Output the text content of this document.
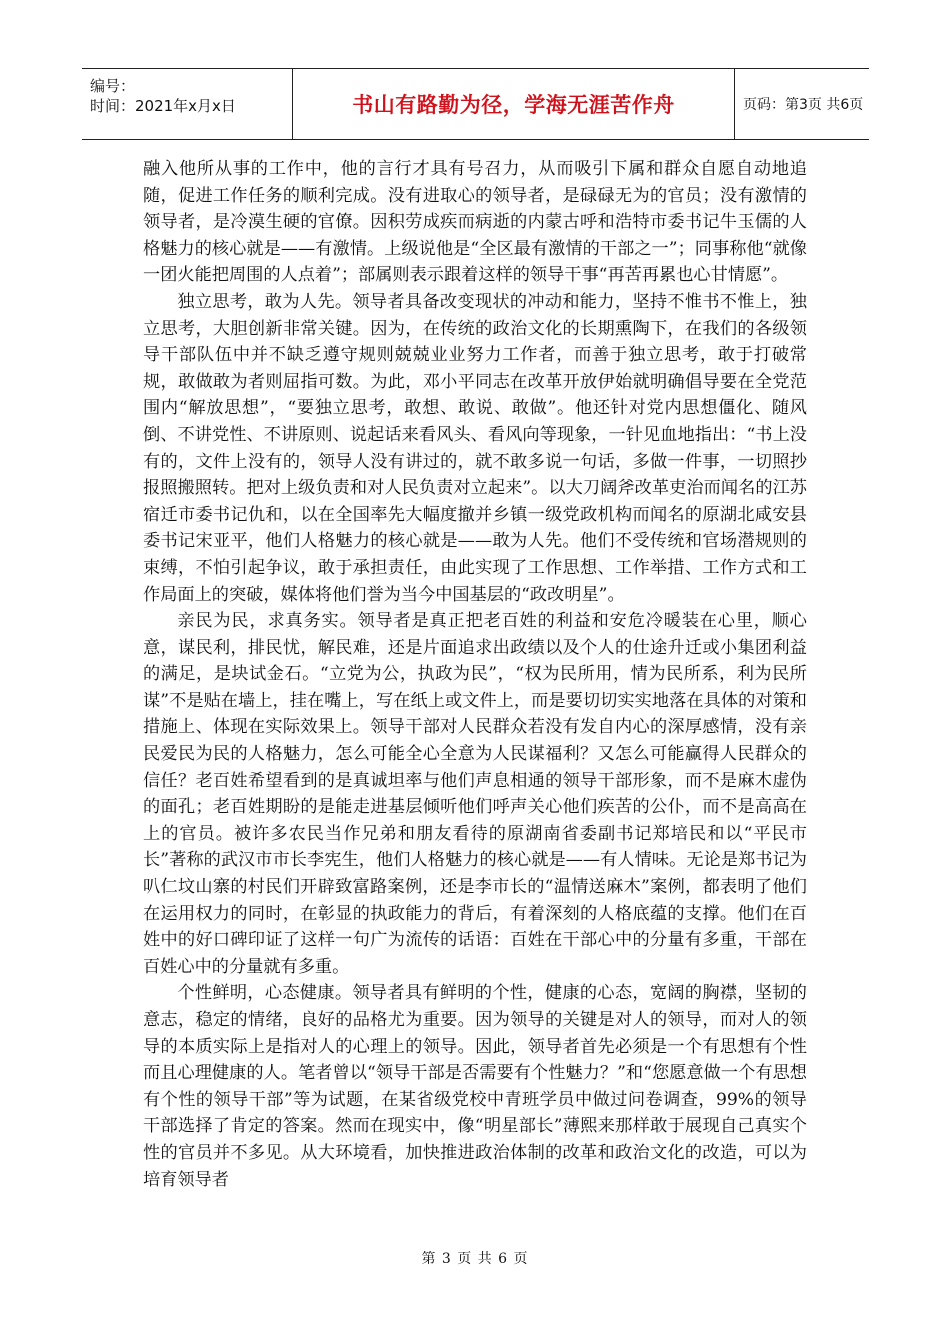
编号：
时间：2021年x月x日	书山有路勤为径，学海无涯苦作舟	页码：第3页 共6页

融入他所从事的工作中，他的言行才具有号召力，从而吸引下属和群众自愿自动地追随，促进工作任务的顺利完成。没有进取心的领导者，是碌碌无为的官员；没有激情的领导者，是冷漠生硬的官僚。因积劳成疾而病逝的内蒙古呼和浩特市委书记牛玉儒的人格魅力的核心就是——有激情。上级说他是“全区最有激情的干部之一”；同事称他“就像一团火能把周围的人点着”；部属则表示跟着这样的领导干事“再苦再累也心甘情愿”。

独立思考，敢为人先。领导者具备改变现状的冲动和能力，坚持不惟书不惟上，独立思考，大胆创新非常关键。因为，在传统的政治文化的长期熏陶下，在我们的各级领导干部队伍中并不缺乏遵守规则兢兢业业努力工作者，而善于独立思考，敢于打破常规，敢做敢为者则屈指可数。为此，邓小平同志在改革开放伊始就明确倡导要在全党范围内“解放思想”，“要独立思考，敢想、敢说、敢做”。他还针对党内思想僵化、随风倒、不讲党性、不讲原则、说起话来看风头、看风向等现象，一针见血地指出：“书上没有的，文件上没有的，领导人没有讲过的，就不敢多说一句话，多做一件事，一切照抄报照搬照转。把对上级负责和对人民负责对立起来”。以大刀阔斧改革吏治而闻名的江苏宿迁市委书记仇和，以在全国率先大幅度撤并乡镇一级党政机构而闻名的原湖北咸安县委书记宋亚平，他们人格魅力的核心就是——敢为人先。他们不受传统和官场潜规则的束缚，不怕引起争议，敢于承担责任，由此实现了工作思想、工作举措、工作方式和工作局面上的突破，媒体将他们誉为当今中国基层的“政改明星”。

亲民为民，求真务实。领导者是真正把老百姓的利益和安危冷暖装在心里，顺心意，谋民利，排民忧，解民难，还是片面追求出政绩以及个人的仕途升迁或小集团利益的满足，是块试金石。“立党为公，执政为民”，“权为民所用，情为民所系，利为民所谋”不是贴在墙上，挂在嘴上，写在纸上或文件上，而是要切切实实地落在具体的对策和措施上、体现在实际效果上。领导干部对人民群众若没有发自内心的深厚感情，没有亲民爱民为民的人格魅力，怎么可能全心全意为人民谋福利？又怎么可能赢得人民群众的信任？老百姓希望看到的是真诚坦率与他们声息相通的领导干部形象，而不是麻木虚伪的面孔；老百姓期盼的是能走进基层倾听他们呼声关心他们疾苦的公仆，而不是高高在上的官员。被许多农民当作兄弟和朋友看待的原湖南省委副书记郑培民和以“平民市长”著称的武汉市市长李宪生，他们人格魅力的核心就是——有人情味。无论是郑书记为叭仁坟山寨的村民们开辟致富路案例，还是李市长的“温情送麻木”案例，都表明了他们在运用权力的同时，在彰显的执政能力的背后，有着深刻的人格底蕴的支撑。他们在百姓中的好口碑印证了这样一句广为流传的话语：百姓在干部心中的分量有多重，干部在百姓心中的分量就有多重。

个性鲜明，心态健康。领导者具有鲜明的个性，健康的心态，宽阔的胸襟，坚韧的意志，稳定的情绪，良好的品格尤为重要。因为领导的关键是对人的领导，而对人的领导的本质实际上是指对人的心理上的领导。因此，领导者首先必须是一个有思想有个性而且心理健康的人。笔者曾以“领导干部是否需要有个性魅力？”和“您愿意做一个有思想有个性的领导干部”等为试题，在某省级党校中青班学员中做过问卷调查，99%的领导干部选择了肯定的答案。然而在现实中，像“明星部长”薄熙来那样敢于展现自己真实个性的官员并不多见。从大环境看，加快推进政治体制的改革和政治文化的改造，可以为培育领导者

第 3 页 共 6 页
